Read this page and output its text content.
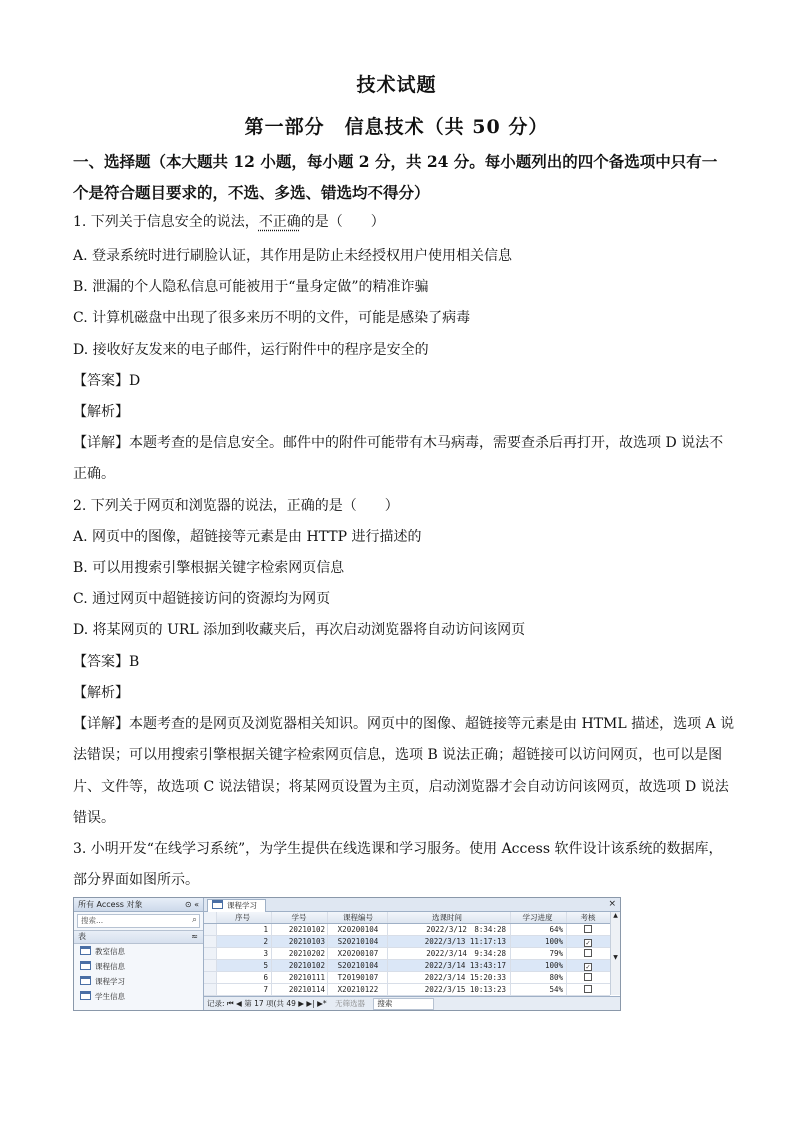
技术试题
第一部分　信息技术（共 50 分）
一、选择题（本大题共 12 小题，每小题 2 分，共 24 分。每小题列出的四个备选项中只有一
个是符合题目要求的，不选、多选、错选均不得分）
1. 下列关于信息安全的说法，不正确的是（　　）
A. 登录系统时进行刷脸认证，其作用是防止未经授权用户使用相关信息
B. 泄漏的个人隐私信息可能被用于“量身定做”的精准诈骗
C. 计算机磁盘中出现了很多来历不明的文件，可能是感染了病毒
D. 接收好友发来的电子邮件，运行附件中的程序是安全的
【答案】D
【解析】
【详解】本题考查的是信息安全。邮件中的附件可能带有木马病毒，需要查杀后再打开，故选项 D 说法不
正确。
2. 下列关于网页和浏览器的说法，正确的是（　　）
A. 网页中的图像，超链接等元素是由 HTTP 进行描述的
B. 可以用搜索引擎根据关键字检索网页信息
C. 通过网页中超链接访问的资源均为网页
D. 将某网页的 URL 添加到收藏夹后，再次启动浏览器将自动访问该网页
【答案】B
【解析】
【详解】本题考查的是网页及浏览器相关知识。网页中的图像、超链接等元素是由 HTML 描述，选项 A 说
法错误；可以用搜索引擎根据关键字检索网页信息，选项 B 说法正确；超链接可以访问网页，也可以是图
片、文件等，故选项 C 说法错误；将某网页设置为主页，启动浏览器才会自动访问该网页，故选项 D 说法
错误。
3. 小明开发“在线学习系统”，为学生提供在线选课和学习服务。使用 Access 软件设计该系统的数据库，
部分界面如图所示。
所有 Access 对象	⊙ «
搜索...	⌕
表	≈
教室信息
课程信息
课程学习
学生信息
课程学习	×
序号	学号	课程编号	选课时间	学习进度	考核
1	20210102	X20200104	2022/3/12　8:34:28	64%
2	20210103	S20210104	2022/3/13 11:17:13	100%	✓
3	20210202	X20200107	2022/3/14　9:34:28	79%
5	20210102	S20210104	2022/3/14 13:43:17	100%	✓
6	20210111	T20190107	2022/3/14 15:20:33	80%
7	20210114	X20210122	2022/3/15 10:13:23	54%
▲

▼
记录: ⏮ ◀ 第 17 项(共 49 ▶ ▶| ▶* 无筛选器 搜索
